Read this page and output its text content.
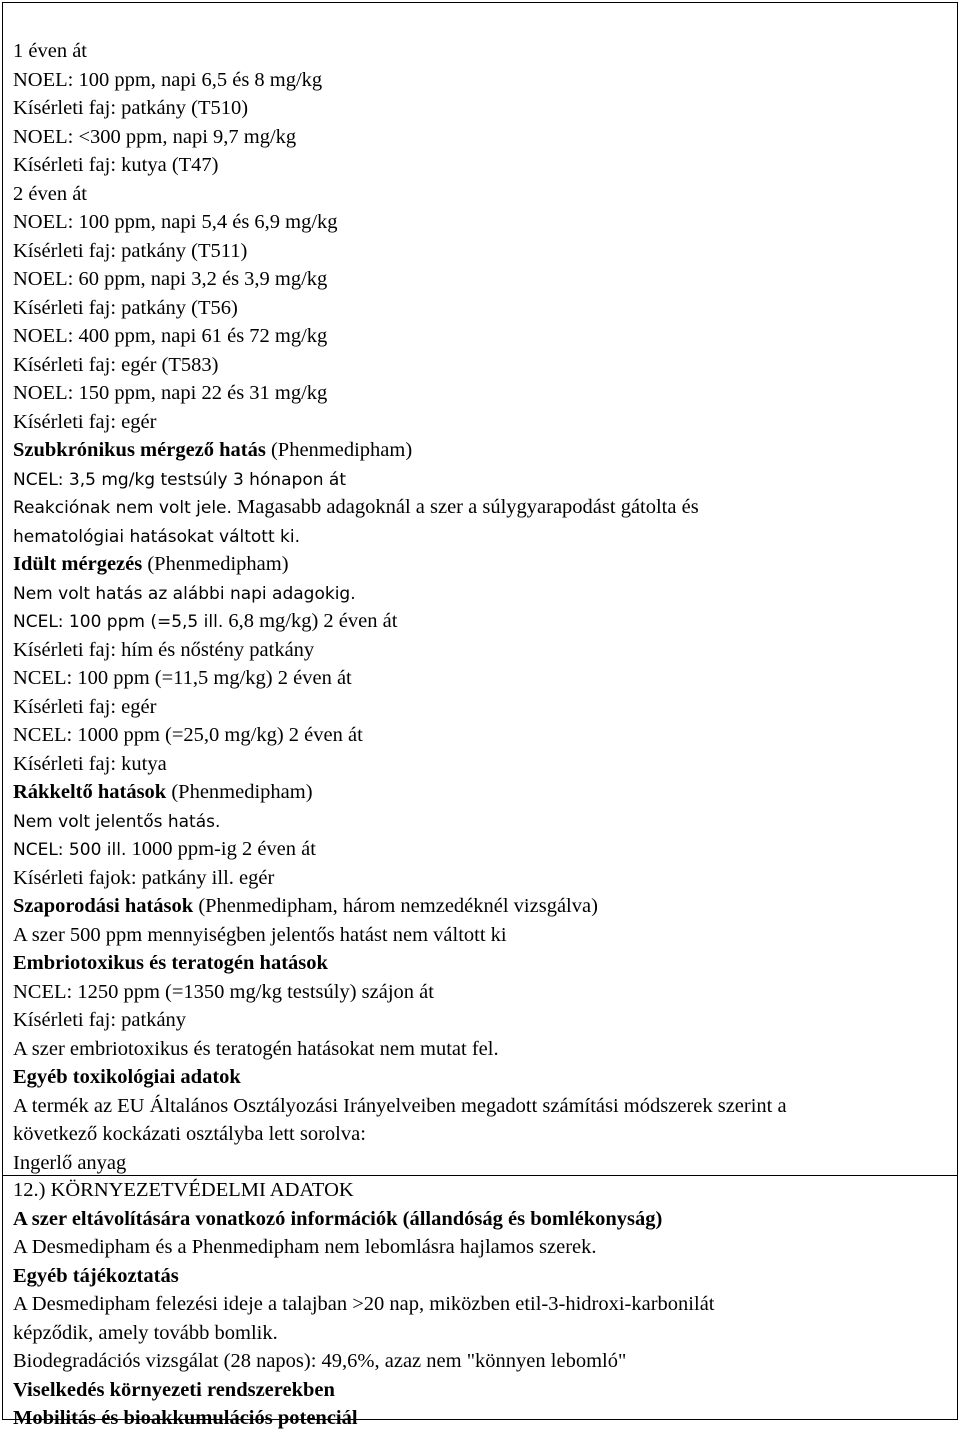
1 éven át
NOEL: 100 ppm, napi 6,5 és 8 mg/kg
Kísérleti faj: patkány (T510)
NOEL: <300 ppm, napi 9,7 mg/kg
Kísérleti faj: kutya (T47)
2 éven át
NOEL: 100 ppm, napi 5,4 és 6,9 mg/kg
Kísérleti faj: patkány (T511)
NOEL: 60 ppm, napi 3,2 és 3,9 mg/kg
Kísérleti faj: patkány (T56)
NOEL: 400 ppm, napi 61 és 72 mg/kg
Kísérleti faj: egér (T583)
NOEL: 150 ppm, napi 22 és 31 mg/kg
Kísérleti faj: egér
Szubkrónikus mérgező hatás (Phenmedipham)
NCEL: 3,5 mg/kg testsúly 3 hónapon át
Reakciónak nem volt jele. Magasabb adagoknál a szer a súlygyarapodást gátolta és
hematológiai hatásokat váltott ki.
Idült mérgezés (Phenmedipham)
Nem volt hatás az alábbi napi adagokig.
NCEL: 100 ppm (=5,5 ill. 6,8 mg/kg) 2 éven át
Kísérleti faj: hím és nőstény patkány
NCEL: 100 ppm (=11,5 mg/kg) 2 éven át
Kísérleti faj: egér
NCEL: 1000 ppm (=25,0 mg/kg) 2 éven át
Kísérleti faj: kutya
Rákkeltő hatások (Phenmedipham)
Nem volt jelentős hatás.
NCEL: 500 ill. 1000 ppm-ig 2 éven át
Kísérleti fajok: patkány ill. egér
Szaporodási hatások (Phenmedipham, három nemzedéknél vizsgálva)
A szer 500 ppm mennyiségben jelentős hatást nem váltott ki
Embriotoxikus és teratogén hatások
NCEL: 1250 ppm (=1350 mg/kg testsúly) szájon át
Kísérleti faj: patkány
A szer embriotoxikus és teratogén hatásokat nem mutat fel.
Egyéb toxikológiai adatok
A termék az EU Általános Osztályozási Irányelveiben megadott számítási módszerek szerint a
következő kockázati osztályba lett sorolva:
Ingerlő anyag
12.) KÖRNYEZETVÉDELMI ADATOK
A szer eltávolítására vonatkozó információk (állandóság és bomlékonyság)
A Desmedipham és a Phenmedipham nem lebomlásra hajlamos szerek.
Egyéb tájékoztatás
A Desmedipham felezési ideje a talajban >20 nap, miközben etil-3-hidroxi-karbonilát
képződik, amely tovább bomlik.
Biodegradációs vizsgálat (28 napos): 49,6%, azaz nem "könnyen lebomló"
Viselkedés környezeti rendszerekben
Mobilitás és bioakkumulációs potenciál
